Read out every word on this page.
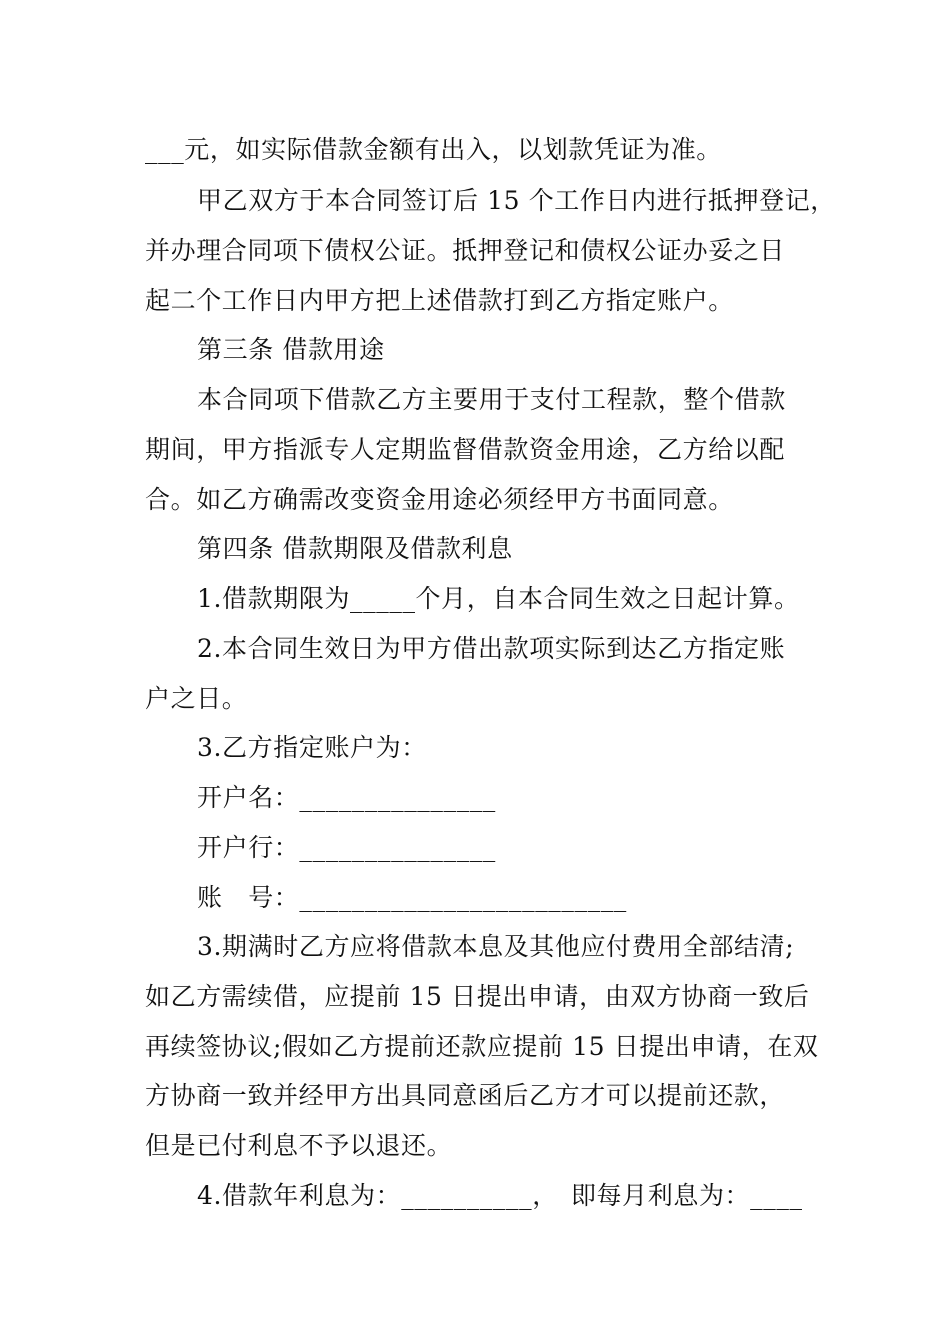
___元，如实际借款金额有出入，以划款凭证为准。
甲乙双方于本合同签订后 15 个工作日内进行抵押登记，
并办理合同项下债权公证。抵押登记和债权公证办妥之日
起二个工作日内甲方把上述借款打到乙方指定账户。
第三条 借款用途
本合同项下借款乙方主要用于支付工程款，整个借款
期间，甲方指派专人定期监督借款资金用途，乙方给以配
合。如乙方确需改变资金用途必须经甲方书面同意。
第四条 借款期限及借款利息
1.借款期限为_____个月，自本合同生效之日起计算。
2.本合同生效日为甲方借出款项实际到达乙方指定账
户之日。
3.乙方指定账户为：
开户名：_______________
开户行：_______________
账　号：_________________________
3.期满时乙方应将借款本息及其他应付费用全部结清;
如乙方需续借，应提前 15 日提出申请，由双方协商一致后
再续签协议;假如乙方提前还款应提前 15 日提出申请，在双
方协商一致并经甲方出具同意函后乙方才可以提前还款，
但是已付利息不予以退还。
4.借款年利息为：__________，　即每月利息为：____
